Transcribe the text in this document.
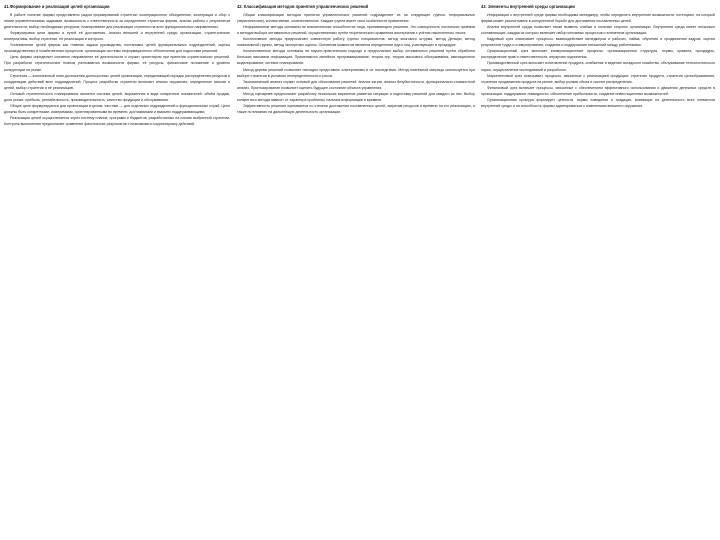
41.Формирование и реализация целей организации

В работе понятие фирмы представлено рядом формирований стратегии: кооперационное объединение, кооперация и сбор с этими управленческими задачами, возможность к ответственности за определение стратегии фирмы, анализ работы с результатом деятельности, выбор необходимых ресурсов, планирование для реализации стратегии на всех функциональных направлениях.

Формулировка цели фирмы и путей её достижения. Анализ внешней и внутренней среды организации, стратегические альтернативы, выбор стратегии, её реализация и контроль.

Установление целей фирмы как главная задача руководства, постановка целей функциональных подразделений, оценка производственных и хозяйственных процессов, организация системы информационного обеспечения для подготовки решений.

Цель фирмы определяет основное направление её деятельности и служит ориентиром при принятии стратегических решений. При разработке стратегических планов учитываются возможности фирмы, её ресурсы, финансовое положение и уровень конкуренции на рынке.

Стратегия — комплексный план достижения долгосрочных целей организации, определяющий порядок распределения ресурсов и координацию действий всех подразделений. Процесс разработки стратегии включает анализ окружения, определение миссии и целей, выбор стратегии и её реализацию.

Основой стратегического планирования является система целей, выраженная в виде конкретных показателей: объём продаж, доля рынка, прибыль, рентабельность, производительность, качество продукции и обслуживания.

Общие цели формулируются для организации в целом, частные — для отдельных подразделений и функциональных служб. Цели должны быть конкретными, измеримыми, ориентированными во времени, достижимыми и взаимно поддерживающими.

Реализация целей осуществляется через систему планов, программ и бюджетов, разработанных на основе выбранной стратегии. Контроль выполнения предполагает сравнение фактических результатов с плановыми и корректировку действий.

42. Классификация методов принятия управленческих решений

Общая классификация методов принятия управленческих решений подразделяет их на следующие группы: неформальные (эвристические), коллективные, количественные. Каждая группа имеет свои особенности применения.

Неформальные методы основаны на аналитических способностях лица, принимающего решения. Это совокупность логических приёмов и методик выбора оптимальных решений, осуществляемых путём теоретического сравнения альтернатив с учётом накопленного опыта.

Коллективные методы предполагают совместную работу группы специалистов: метод мозгового штурма, метод Дельфи, метод номинальной группы, метод экспертных оценок. Основным моментом является определение круга лиц, участвующих в процедуре.

Количественные методы основаны на научно-практическом подходе и предполагают выбор оптимальных решений путём обработки больших массивов информации. Применяются линейное программирование, теория игр, теория массового обслуживания, имитационное моделирование, сетевое планирование.

Метод дерева решений позволяет наглядно представить альтернативы и их последствия. Метод платёжной матрицы используется при выборе стратегии в условиях неопределённости и риска.

Экономический анализ служит основой для обоснования решений: анализ затрат, анализ безубыточности, функционально-стоимостной анализ. Прогнозирование позволяет оценить будущее состояние объекта управления.

Метод сценариев предполагает разработку нескольких вариантов развития ситуации и подготовку решений для каждого из них. Выбор конкретного метода зависит от характера проблемы, наличия информации и времени.

Эффективность решения оценивается по степени достижения поставленных целей, затратам ресурсов и времени на его реализацию, а также по влиянию на дальнейшую деятельность организации.

43. Элементы внутренней среды организации

Информация о внутренней среде фирмы необходима менеджеру, чтобы определить внутренние возможности, потенциал, на который фирма может рассчитывать в конкурентной борьбе для достижения поставленных целей.

Анализ внутренней среды позволяет также выявить слабые и сильные стороны организации. Внутренняя среда имеет несколько составляющих, каждая из которых включает набор ключевых процессов и элементов организации.

Кадровый срез охватывает процессы: взаимодействия менеджеров и рабочих, найма, обучения и продвижения кадров, оценки результатов труда и стимулирования, создания и поддержания отношений между работниками.

Организационный срез включает коммуникационные процессы, организационные структуры, нормы, правила, процедуры, распределение прав и ответственности, иерархию подчинения.

Производственный срез включает изготовление продукта, снабжение и ведение складского хозяйства, обслуживание технологического парка, осуществление исследований и разработок.

Маркетинговый срез охватывает процессы, связанные с реализацией продукции: стратегия продукта, стратегия ценообразования, стратегия продвижения продукта на рынке, выбор рынков сбыта и систем распределения.

Финансовый срез включает процессы, связанные с обеспечением эффективного использования и движения денежных средств в организации: поддержание ликвидности, обеспечение прибыльности, создание инвестиционных возможностей.

Организационная культура формирует ценности, нормы поведения и традиции, влияющие на деятельность всех элементов внутренней среды и на способность фирмы адаптироваться к изменениям внешнего окружения.
